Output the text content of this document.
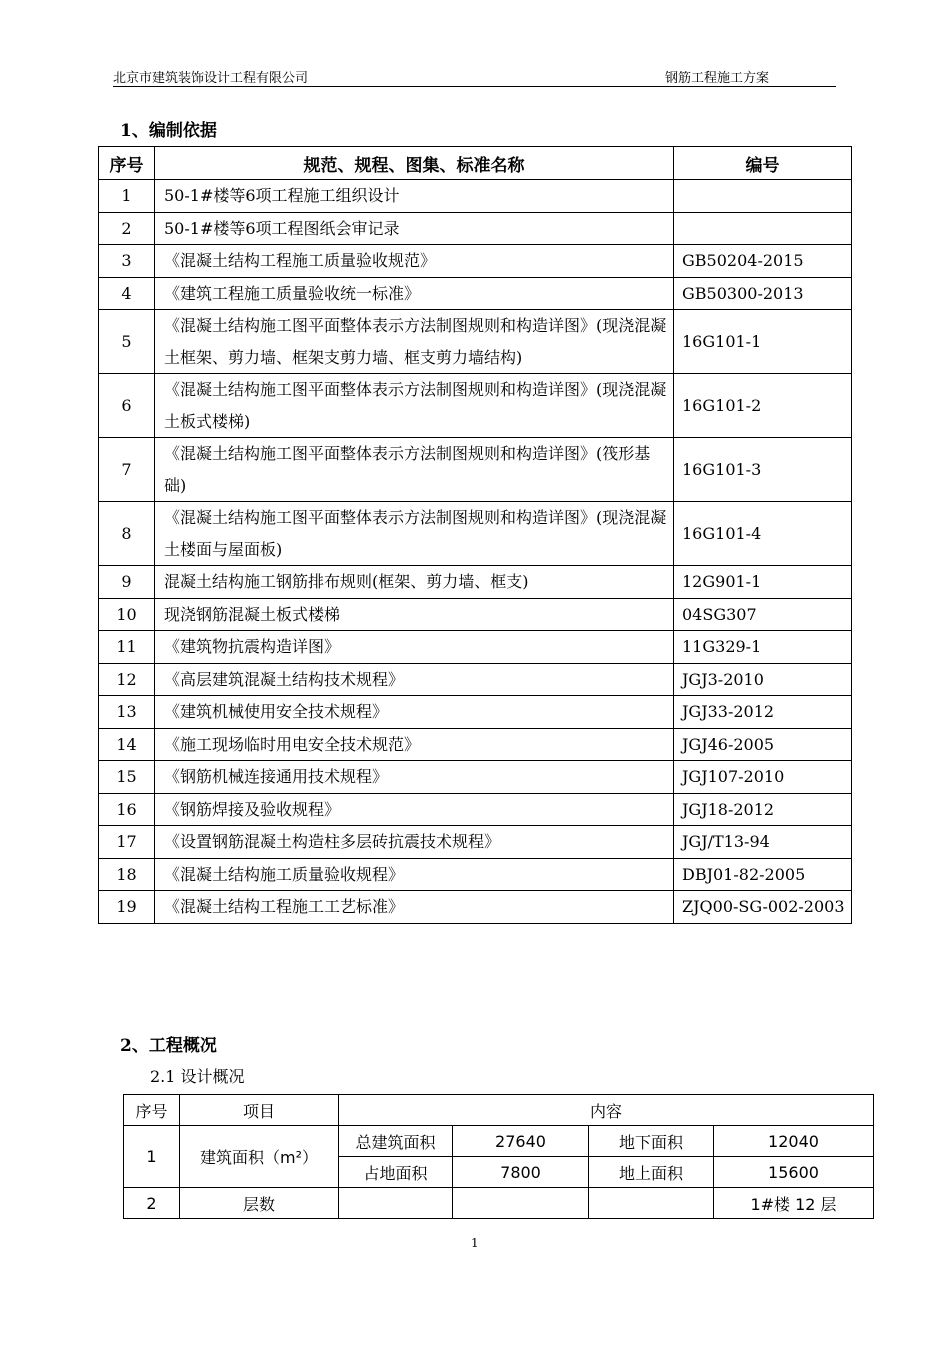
北京市建筑装饰设计工程有限公司	钢筋工程施工方案
1、编制依据
序号	规范、规程、图集、标准名称	编号
1	50-1#楼等6项工程施工组织设计	
2	50-1#楼等6项工程图纸会审记录	
3	《混凝土结构工程施工质量验收规范》	GB50204-2015
4	《建筑工程施工质量验收统一标准》	GB50300-2013
5	《混凝土结构施工图平面整体表示方法制图规则和构造详图》(现浇混凝土框架、剪力墙、框架支剪力墙、框支剪力墙结构)	16G101-1
6	《混凝土结构施工图平面整体表示方法制图规则和构造详图》(现浇混凝土板式楼梯)	16G101-2
7	《混凝土结构施工图平面整体表示方法制图规则和构造详图》(筏形基础)	16G101-3
8	《混凝土结构施工图平面整体表示方法制图规则和构造详图》(现浇混凝土楼面与屋面板)	16G101-4
9	混凝土结构施工钢筋排布规则(框架、剪力墙、框支)	12G901-1
10	现浇钢筋混凝土板式楼梯	04SG307
11	《建筑物抗震构造详图》	11G329-1
12	《高层建筑混凝土结构技术规程》	JGJ3-2010
13	《建筑机械使用安全技术规程》	JGJ33-2012
14	《施工现场临时用电安全技术规范》	JGJ46-2005
15	《钢筋机械连接通用技术规程》	JGJ107-2010
16	《钢筋焊接及验收规程》	JGJ18-2012
17	《设置钢筋混凝土构造柱多层砖抗震技术规程》	JGJ/T13-94
18	《混凝土结构施工质量验收规程》	DBJ01-82-2005
19	《混凝土结构工程施工工艺标准》	ZJQ00-SG-002-2003
2、工程概况
2.1 设计概况
序号	项目	内容			
1	建筑面积（m²）	总建筑面积	27640	地下面积	12040
		占地面积	7800	地上面积	15600
2	层数				1#楼 12 层
1
